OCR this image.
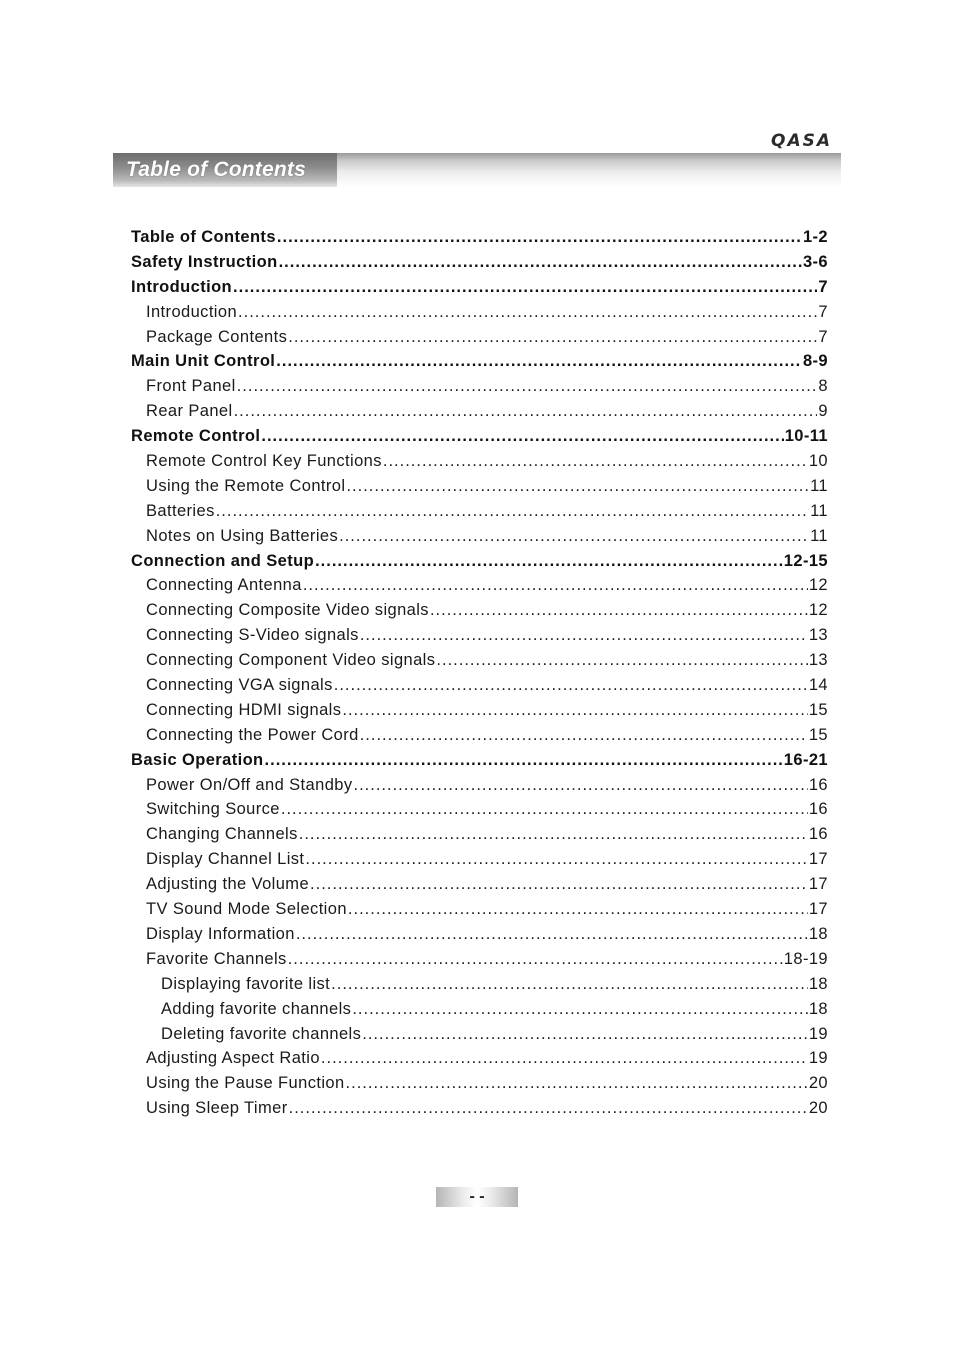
QASA
Table of Contents
Table of Contents .....	1-2
Safety Instruction .....	3-6
Introduction .....	7
Introduction .....	7
Package Contents .....	7
Main Unit Control .....	8-9
Front Panel .....	8
Rear Panel .....	9
Remote Control .....	10-11
Remote Control Key Functions .....	10
Using the Remote Control .....	11
Batteries .....	11
Notes on Using Batteries .....	11
Connection and Setup .....	12-15
Connecting Antenna .....	12
Connecting Composite Video signals .....	12
Connecting S-Video signals .....	13
Connecting Component Video signals .....	13
Connecting VGA signals .....	14
Connecting HDMI signals .....	15
Connecting the Power Cord .....	15
Basic Operation .....	16-21
Power On/Off and Standby .....	16
Switching Source .....	16
Changing Channels .....	16
Display Channel List .....	17
Adjusting the Volume .....	17
TV Sound Mode Selection .....	17
Display Information .....	18
Favorite Channels .....	18-19
Displaying favorite list .....	18
Adding favorite channels .....	18
Deleting favorite channels .....	19
Adjusting Aspect Ratio .....	19
Using the Pause Function .....	20
Using Sleep Timer .....	20
- -
